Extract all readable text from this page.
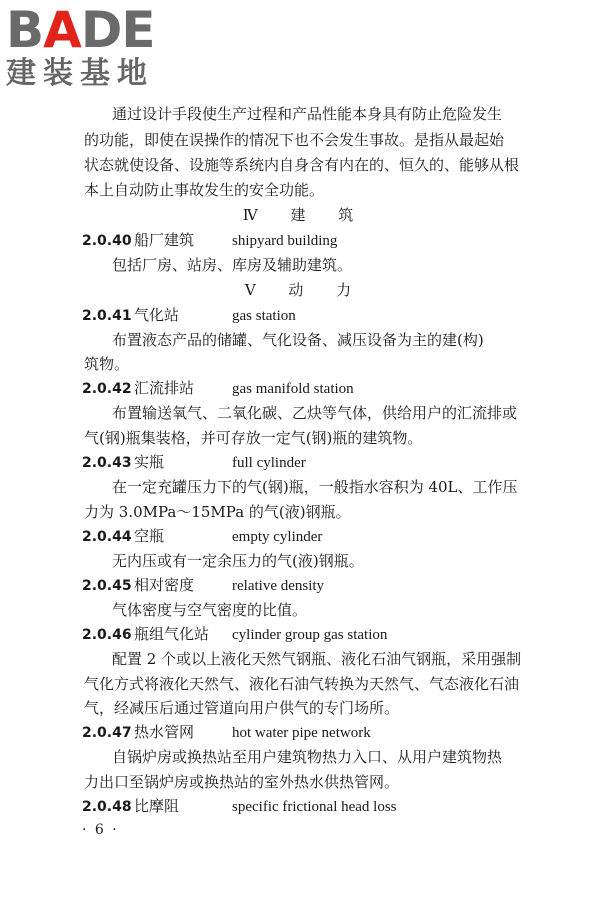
BADE
建装基地
通过设计手段使生产过程和产品性能本身具有防止危险发生
的功能，即使在误操作的情况下也不会发生事故。是指从最起始
状态就使设备、设施等系统内自身含有内在的、恒久的、能够从根
本上自动防止事故发生的安全功能。
Ⅳ 建 筑
2.0.40 船厂建筑	shipyard building
包括厂房、站房、库房及辅助建筑。
Ⅴ 动 力
2.0.41 气化站	gas station
布置液态产品的储罐、气化设备、减压设备为主的建(构)
筑物。
2.0.42 汇流排站	gas manifold station
布置输送氧气、二氧化碳、乙炔等气体，供给用户的汇流排或
气(钢)瓶集装格，并可存放一定气(钢)瓶的建筑物。
2.0.43 实瓶	full cylinder
在一定充罐压力下的气(钢)瓶，一般指水容积为 40L、工作压
力为 3.0MPa～15MPa 的气(液)钢瓶。
2.0.44 空瓶	empty cylinder
无内压或有一定余压力的气(液)钢瓶。
2.0.45 相对密度	relative density
气体密度与空气密度的比值。
2.0.46 瓶组气化站 cylinder group gas station
配置 2 个或以上液化天然气钢瓶、液化石油气钢瓶，采用强制
气化方式将液化天然气、液化石油气转换为天然气、气态液化石油
气，经减压后通过管道向用户供气的专门场所。
2.0.47 热水管网	hot water pipe network
自锅炉房或换热站至用户建筑物热力入口、从用户建筑物热
力出口至锅炉房或换热站的室外热水供热管网。
2.0.48 比摩阻	specific frictional head loss
· 6 ·
